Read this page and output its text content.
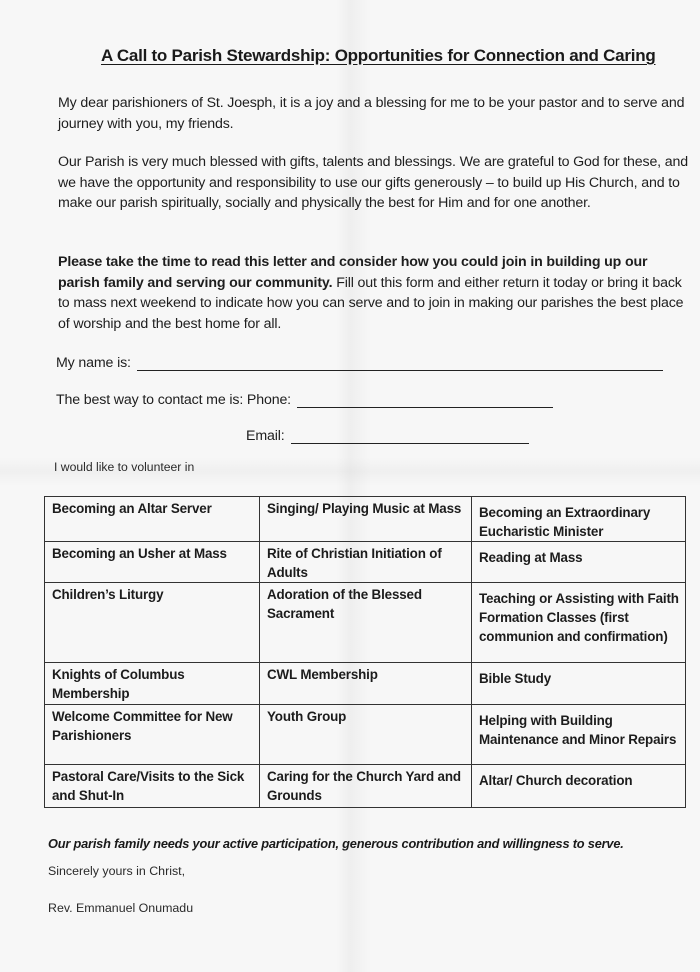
A Call to Parish Stewardship: Opportunities for Connection and Caring

My dear parishioners of St. Joesph, it is a joy and a blessing for me to be your pastor and to serve and journey with you, my friends.

Our Parish is very much blessed with gifts, talents and blessings. We are grateful to God for these, and we have the opportunity and responsibility to use our gifts generously – to build up His Church, and to make our parish spiritually, socially and physically the best for Him and for one another.

Please take the time to read this letter and consider how you could join in building up our parish family and serving our community. Fill out this form and either return it today or bring it back to mass next weekend to indicate how you can serve and to join in making our parishes the best place of worship and the best home for all.

My name is:
The best way to contact me is: Phone:
Email:
I would like to volunteer in
Becoming an Altar Server	Singing/ Playing Music at Mass	Becoming an Extraordinary Eucharistic Minister
Becoming an Usher at Mass	Rite of Christian Initiation of Adults	Reading at Mass
Children’s Liturgy	Adoration of the Blessed Sacrament	Teaching or Assisting with Faith Formation Classes (first communion and confirmation)
Knights of Columbus Membership	CWL Membership	Bible Study
Welcome Committee for New Parishioners	Youth Group	Helping with Building Maintenance and Minor Repairs
Pastoral Care/Visits to the Sick and Shut-In	Caring for the Church Yard and Grounds	Altar/ Church decoration
Our parish family needs your active participation, generous contribution and willingness to serve.
Sincerely yours in Christ,
Rev. Emmanuel Onumadu
